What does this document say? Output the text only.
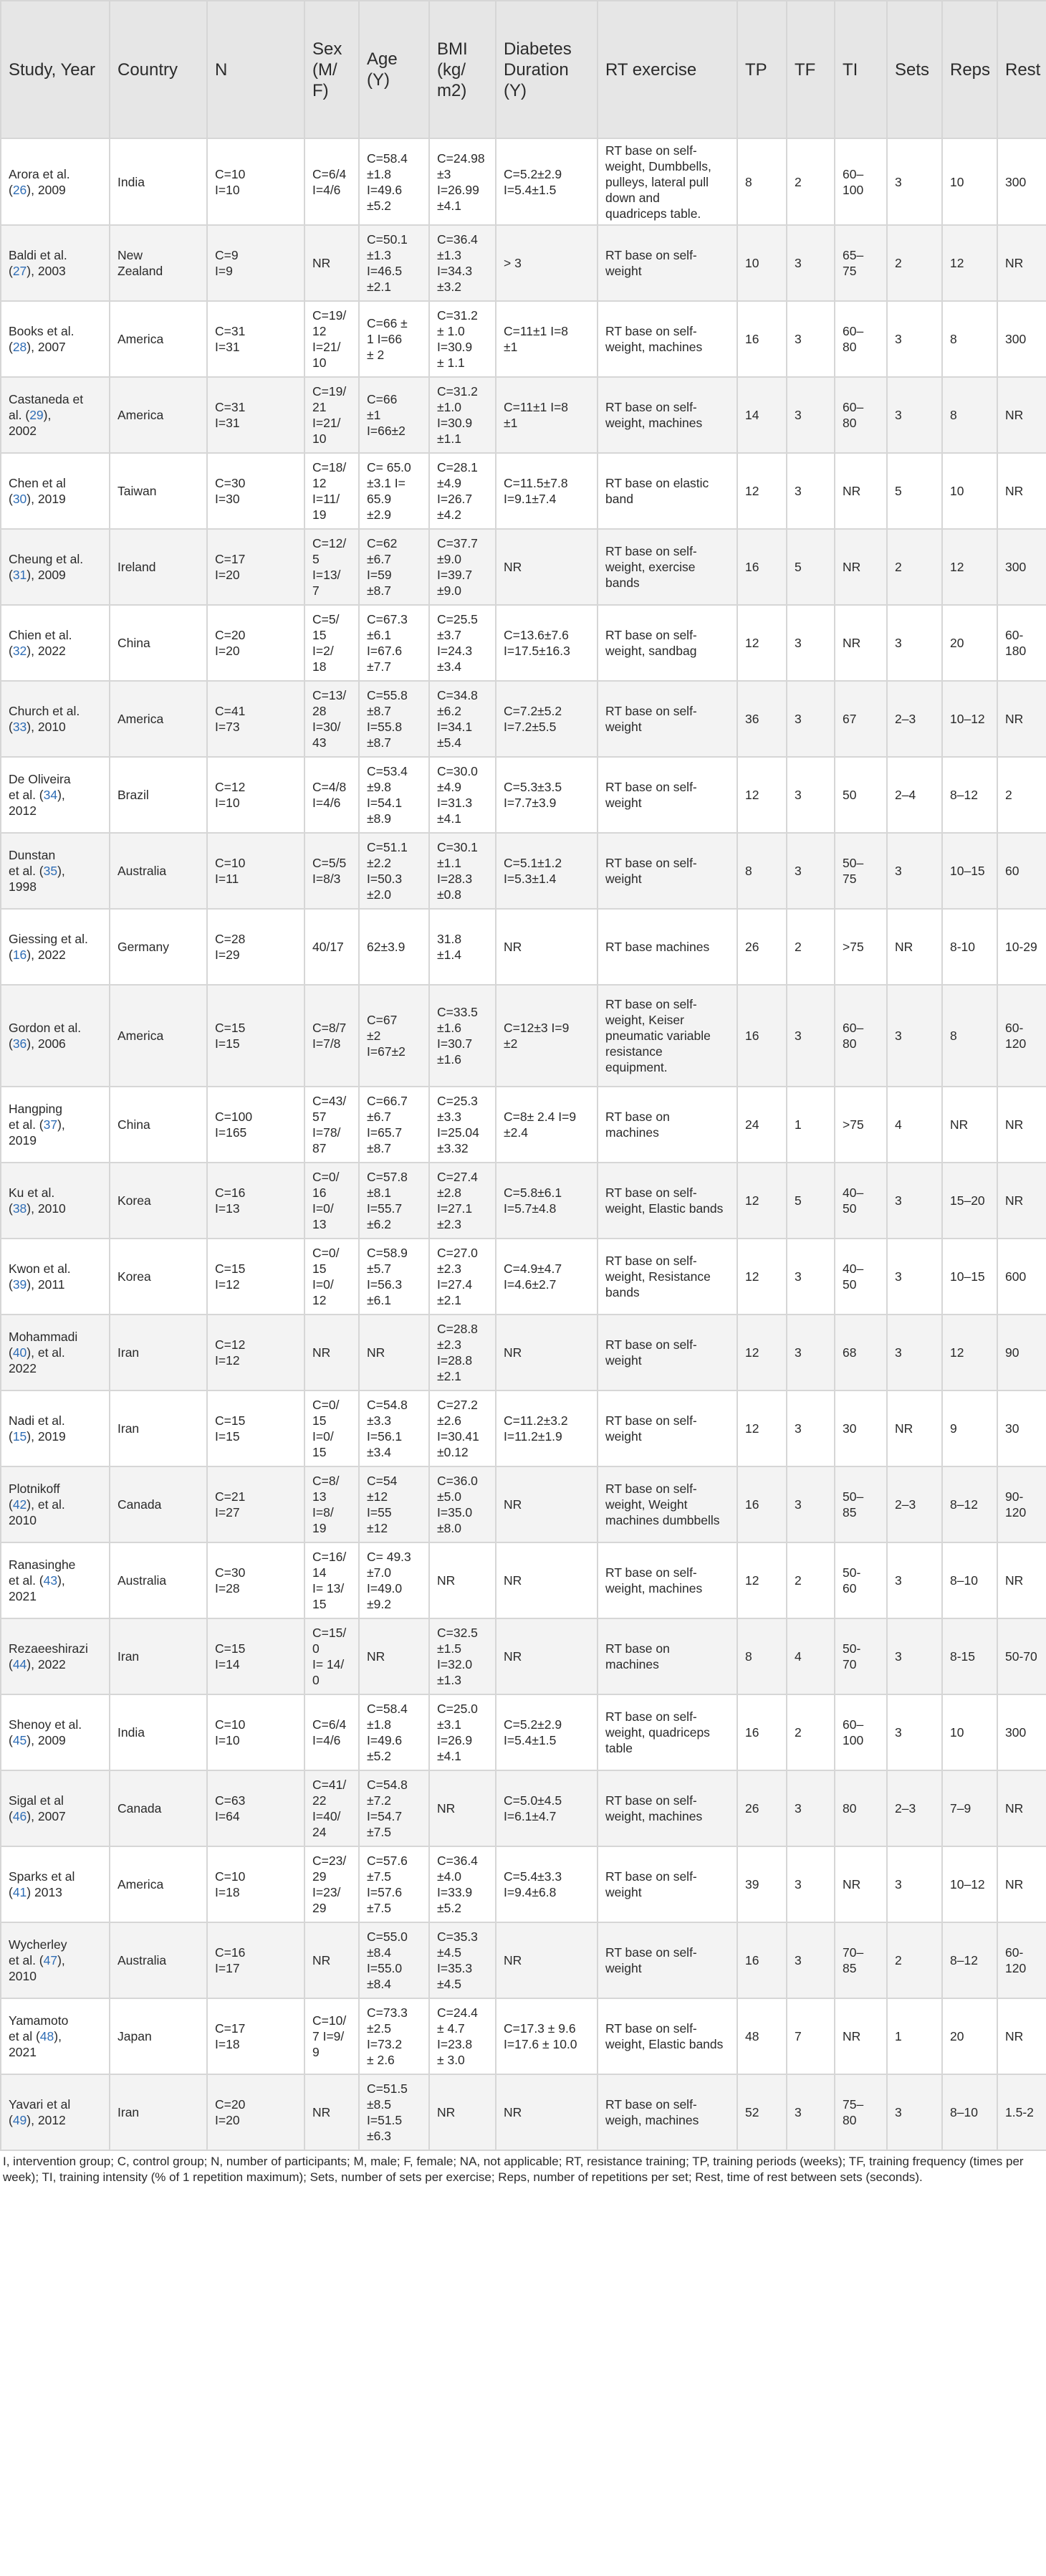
Study, Year	Country	N	Sex (M/
F)	Age
(Y)	BMI
(kg/
m2)	Diabetes
Duration
(Y)	RT exercise	TP	TF	TI	Sets	Reps	Rest
Arora et al.
(26), 2009	India	C=10
I=10	C=6/4
I=4/6	C=58.4
±1.8
I=49.6
±5.2	C=24.98
±3
I=26.99
±4.1	C=5.2±2.9
I=5.4±1.5	RT base on self-
weight, Dumbbells,
pulleys, lateral pull
down and
quadriceps table.	8	2	60–
100	3	10	300
Baldi et al.
(27), 2003	New
Zealand	C=9
I=9	NR	C=50.1
±1.3
I=46.5
±2.1	C=36.4
±1.3
I=34.3
±3.2	> 3	RT base on self-
weight	10	3	65–
75	2	12	NR
Books et al.
(28), 2007	America	C=31
I=31	C=19/
12
I=21/
10	C=66 ±
1 I=66
± 2	C=31.2
± 1.0
I=30.9
± 1.1	C=11±1 I=8
±1	RT base on self-
weight, machines	16	3	60–
80	3	8	300
Castaneda et
al. (29),
2002	America	C=31
I=31	C=19/
21
I=21/
10	C=66
±1
I=66±2	C=31.2
±1.0
I=30.9
±1.1	C=11±1 I=8
±1	RT base on self-
weight, machines	14	3	60–
80	3	8	NR
Chen et al
(30), 2019	Taiwan	C=30
I=30	C=18/
12
I=11/
19	C= 65.0
±3.1 I=
65.9
±2.9	C=28.1
±4.9
I=26.7
±4.2	C=11.5±7.8
I=9.1±7.4	RT base on elastic
band	12	3	NR	5	10	NR
Cheung et al.
(31), 2009	Ireland	C=17
I=20	C=12/
5
I=13/
7	C=62
±6.7
I=59
±8.7	C=37.7
±9.0
I=39.7
±9.0	NR	RT base on self-
weight, exercise
bands	16	5	NR	2	12	300
Chien et al.
(32), 2022	China	C=20
I=20	C=5/
15
I=2/
18	C=67.3
±6.1
I=67.6
±7.7	C=25.5
±3.7
I=24.3
±3.4	C=13.6±7.6
I=17.5±16.3	RT base on self-
weight, sandbag	12	3	NR	3	20	60-
180
Church et al.
(33), 2010	America	C=41
I=73	C=13/
28
I=30/
43	C=55.8
±8.7
I=55.8
±8.7	C=34.8
±6.2
I=34.1
±5.4	C=7.2±5.2
I=7.2±5.5	RT base on self-
weight	36	3	67	2–3	10–12	NR
De Oliveira
et al. (34),
2012	Brazil	C=12
I=10	C=4/8
I=4/6	C=53.4
±9.8
I=54.1
±8.9	C=30.0
±4.9
I=31.3
±4.1	C=5.3±3.5
I=7.7±3.9	RT base on self-
weight	12	3	50	2–4	8–12	2
Dunstan
et al. (35),
1998	Australia	C=10
I=11	C=5/5
I=8/3	C=51.1
±2.2
I=50.3
±2.0	C=30.1
±1.1
I=28.3
±0.8	C=5.1±1.2
I=5.3±1.4	RT base on self-
weight	8	3	50–
75	3	10–15	60
Giessing et al.
(16), 2022	Germany	C=28
I=29	40/17	62±3.9	31.8
±1.4	NR	RT base machines	26	2	>75	NR	8-10	10-29
Gordon et al.
(36), 2006	America	C=15
I=15	C=8/7
I=7/8	C=67
±2
I=67±2	C=33.5
±1.6
I=30.7
±1.6	C=12±3 I=9
±2	RT base on self-
weight, Keiser
pneumatic variable
resistance
equipment.	16	3	60–
80	3	8	60-
120
Hangping
et al. (37),
2019	China	C=100
I=165	C=43/
57
I=78/
87	C=66.7
±6.7
I=65.7
±8.7	C=25.3
±3.3
I=25.04
±3.32	C=8± 2.4 I=9
±2.4	RT base on
machines	24	1	>75	4	NR	NR
Ku et al.
(38), 2010	Korea	C=16
I=13	C=0/
16
I=0/
13	C=57.8
±8.1
I=55.7
±6.2	C=27.4
±2.8
I=27.1
±2.3	C=5.8±6.1
I=5.7±4.8	RT base on self-
weight, Elastic bands	12	5	40–
50	3	15–20	NR
Kwon et al.
(39), 2011	Korea	C=15
I=12	C=0/
15
I=0/
12	C=58.9
±5.7
I=56.3
±6.1	C=27.0
±2.3
I=27.4
±2.1	C=4.9±4.7
I=4.6±2.7	RT base on self-
weight, Resistance
bands	12	3	40–
50	3	10–15	600
Mohammadi
(40), et al.
2022	Iran	C=12
I=12	NR	NR	C=28.8
±2.3
I=28.8
±2.1	NR	RT base on self-
weight	12	3	68	3	12	90
Nadi et al.
(15), 2019	Iran	C=15
I=15	C=0/
15
I=0/
15	C=54.8
±3.3
I=56.1
±3.4	C=27.2
±2.6
I=30.41
±0.12	C=11.2±3.2
I=11.2±1.9	RT base on self-
weight	12	3	30	NR	9	30
Plotnikoff
(42), et al.
2010	Canada	C=21
I=27	C=8/
13
I=8/
19	C=54
±12
I=55
±12	C=36.0
±5.0
I=35.0
±8.0	NR	RT base on self-
weight, Weight
machines dumbbells	16	3	50–
85	2–3	8–12	90-
120
Ranasinghe
et al. (43),
2021	Australia	C=30
I=28	C=16/
14
I= 13/
15	C= 49.3
±7.0
I=49.0
±9.2	NR	NR	RT base on self-
weight, machines	12	2	50-
60	3	8–10	NR
Rezaeeshirazi
(44), 2022	Iran	C=15
I=14	C=15/
0
I= 14/
0	NR	C=32.5
±1.5
I=32.0
±1.3	NR	RT base on
machines	8	4	50-
70	3	8-15	50-70
Shenoy et al.
(45), 2009	India	C=10
I=10	C=6/4
I=4/6	C=58.4
±1.8
I=49.6
±5.2	C=25.0
±3.1
I=26.9
±4.1	C=5.2±2.9
I=5.4±1.5	RT base on self-
weight, quadriceps
table	16	2	60–
100	3	10	300
Sigal et al
(46), 2007	Canada	C=63
I=64	C=41/
22
I=40/
24	C=54.8
±7.2
I=54.7
±7.5	NR	C=5.0±4.5
I=6.1±4.7	RT base on self-
weight, machines	26	3	80	2–3	7–9	NR
Sparks et al
(41) 2013	America	C=10
I=18	C=23/
29
I=23/
29	C=57.6
±7.5
I=57.6
±7.5	C=36.4
±4.0
I=33.9
±5.2	C=5.4±3.3
I=9.4±6.8	RT base on self-
weight	39	3	NR	3	10–12	NR
Wycherley
et al. (47),
2010	Australia	C=16
I=17	NR	C=55.0
±8.4
I=55.0
±8.4	C=35.3
±4.5
I=35.3
±4.5	NR	RT base on self-
weight	16	3	70–
85	2	8–12	60-
120
Yamamoto
et al (48),
2021	Japan	C=17
I=18	C=10/
7 I=9/
9	C=73.3
±2.5
I=73.2
± 2.6	C=24.4
± 4.7
I=23.8
± 3.0	C=17.3 ± 9.6
I=17.6 ± 10.0	RT base on self-
weight, Elastic bands	48	7	NR	1	20	NR
Yavari et al
(49), 2012	Iran	C=20
I=20	NR	C=51.5
±8.5
I=51.5
±6.3	NR	NR	RT base on self-
weigh, machines	52	3	75–
80	3	8–10	1.5-2
I, intervention group; C, control group; N, number of participants; M, male; F, female; NA, not applicable; RT, resistance training; TP, training periods (weeks); TF, training frequency (times per week); TI, training intensity (% of 1 repetition maximum); Sets, number of sets per exercise; Reps, number of repetitions per set; Rest, time of rest between sets (seconds).
